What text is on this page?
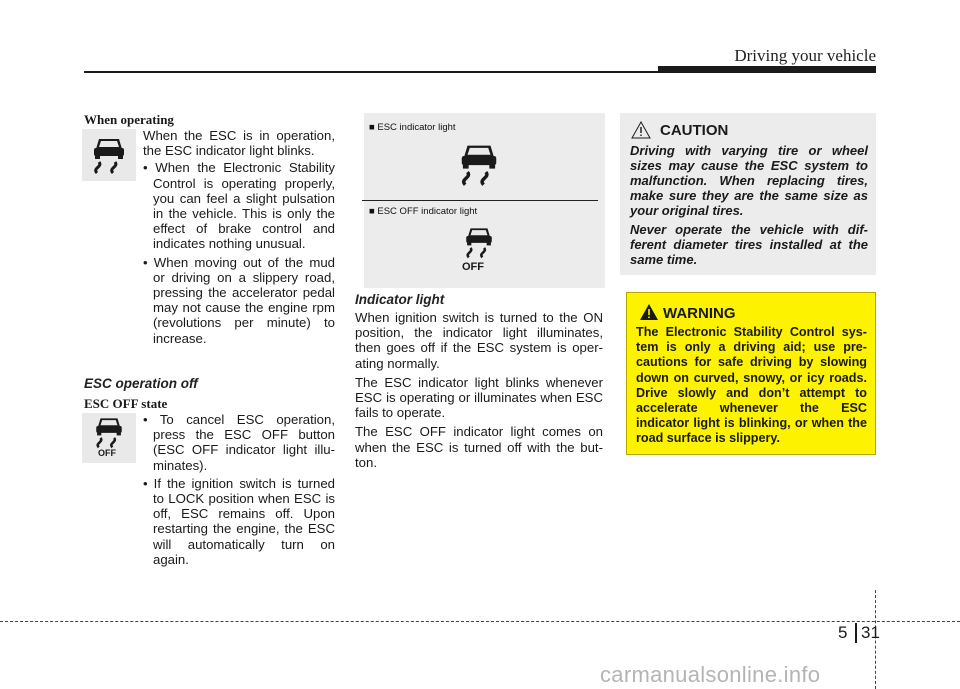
Driving your vehicle
When operating
When the ESC is in operation, the ESC indicator light blinks.
• When the Electronic Stability Control is operating properly, you can feel a slight pulsation in the vehicle. This is only the effect of brake control and indicates nothing unusual.
• When moving out of the mud or driving on a slippery road, pressing the accelerator pedal may not cause the engine rpm (revolutions per minute) to increase.
ESC operation off
ESC OFF state
OFF
• To cancel ESC operation, press the ESC OFF button (ESC OFF indicator light illu-minates).
• If the ignition switch is turned to LOCK position when ESC is off, ESC remains off. Upon restarting the engine, the ESC will automatically turn on again.
■ ESC indicator light
■ ESC OFF indicator light
OFF
Indicator light

When ignition switch is turned to the ON position, the indicator light illuminates, then goes off if the ESC system is oper-ating normally.

The ESC indicator light blinks whenever ESC is operating or illuminates when ESC fails to operate.

The ESC OFF indicator light comes on when the ESC is turned off with the but-ton.

CAUTION

Driving with varying tire or wheel sizes may cause the ESC system to malfunction. When replacing tires, make sure they are the same size as your original tires.

Never operate the vehicle with dif-ferent diameter tires installed at the same time.

WARNING
The Electronic Stability Control sys-tem is only a driving aid; use pre-cautions for safe driving by slowing down on curved, snowy, or icy roads. Drive slowly and don’t attempt to accelerate whenever the ESC indicator light is blinking, or when the road surface is slippery.
5 31
carmanualsonline.info
